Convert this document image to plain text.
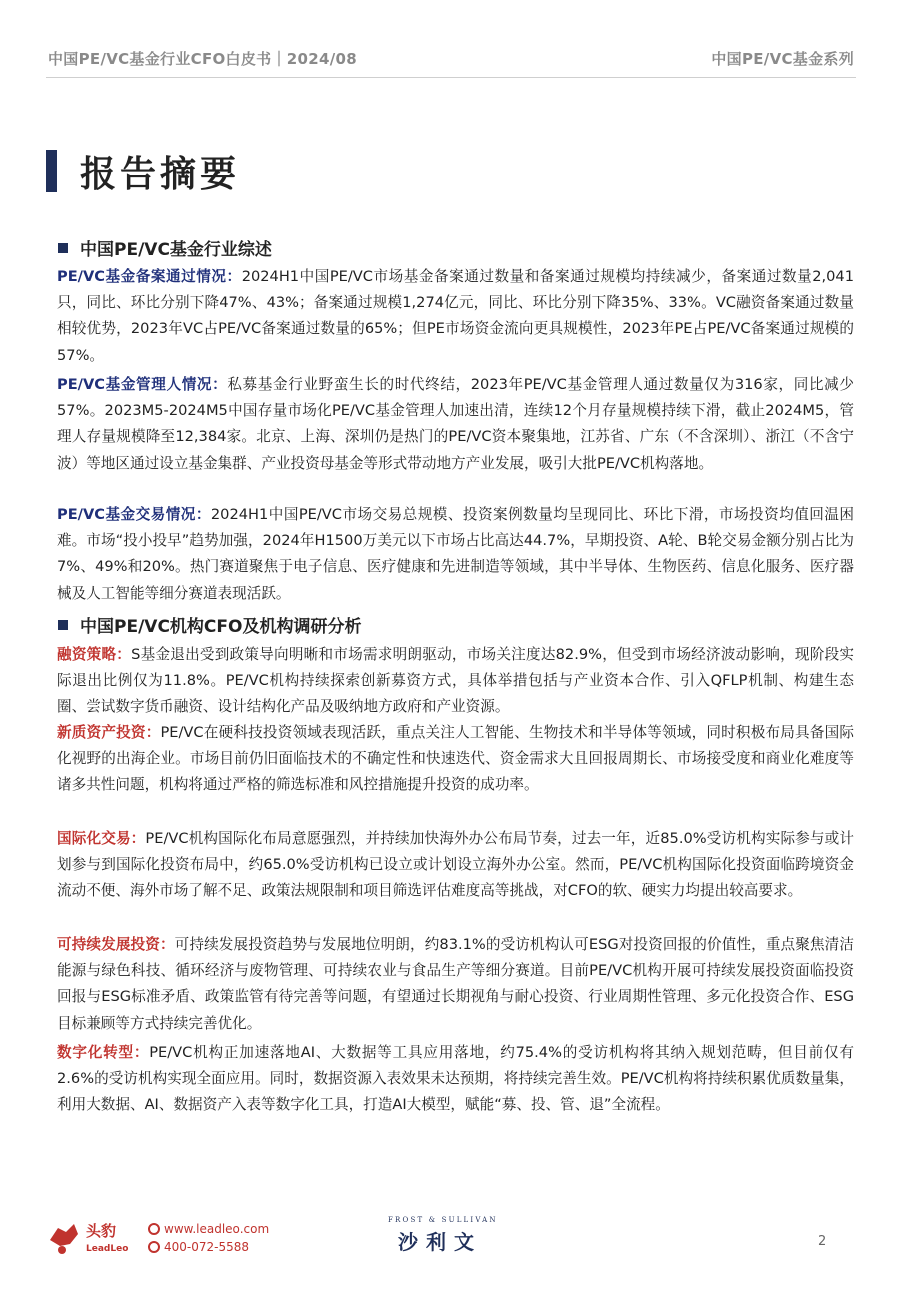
中国PE/VC基金行业CFO白皮书｜2024/08	中国PE/VC基金系列
报告摘要
中国PE/VC基金行业综述

PE/VC基金备案通过情况：2024H1中国PE/VC市场基金备案通过数量和备案通过规模均持续减少，备案通过数量2,041只，同比、环比分别下降47%、43%；备案通过规模1,274亿元，同比、环比分别下降35%、33%。VC融资备案通过数量相较优势，2023年VC占PE/VC备案通过数量的65%；但PE市场资金流向更具规模性，2023年PE占PE/VC备案通过规模的57%。

PE/VC基金管理人情况：私募基金行业野蛮生长的时代终结，2023年PE/VC基金管理人通过数量仅为316家，同比减少57%。2023M5-2024M5中国存量市场化PE/VC基金管理人加速出清，连续12个月存量规模持续下滑，截止2024M5，管理人存量规模降至12,384家。北京、上海、深圳仍是热门的PE/VC资本聚集地，江苏省、广东（不含深圳）、浙江（不含宁波）等地区通过设立基金集群、产业投资母基金等形式带动地方产业发展，吸引大批PE/VC机构落地。

PE/VC基金交易情况：2024H1中国PE/VC市场交易总规模、投资案例数量均呈现同比、环比下滑，市场投资均值回温困难。市场“投小投早”趋势加强，2024年H1500万美元以下市场占比高达44.7%，早期投资、A轮、B轮交易金额分别占比为7%、49%和20%。热门赛道聚焦于电子信息、医疗健康和先进制造等领域，其中半导体、生物医药、信息化服务、医疗器械及人工智能等细分赛道表现活跃。

中国PE/VC机构CFO及机构调研分析

融资策略：S基金退出受到政策导向明晰和市场需求明朗驱动，市场关注度达82.9%，但受到市场经济波动影响，现阶段实际退出比例仅为11.8%。PE/VC机构持续探索创新募资方式，具体举措包括与产业资本合作、引入QFLP机制、构建生态圈、尝试数字货币融资、设计结构化产品及吸纳地方政府和产业资源。

新质资产投资：PE/VC在硬科技投资领域表现活跃，重点关注人工智能、生物技术和半导体等领域，同时积极布局具备国际化视野的出海企业。市场目前仍旧面临技术的不确定性和快速迭代、资金需求大且回报周期长、市场接受度和商业化难度等诸多共性问题，机构将通过严格的筛选标准和风控措施提升投资的成功率。

国际化交易：PE/VC机构国际化布局意愿强烈，并持续加快海外办公布局节奏，过去一年，近85.0%受访机构实际参与或计划参与到国际化投资布局中，约65.0%受访机构已设立或计划设立海外办公室。然而，PE/VC机构国际化投资面临跨境资金流动不便、海外市场了解不足、政策法规限制和项目筛选评估难度高等挑战，对CFO的软、硬实力均提出较高要求。

可持续发展投资：可持续发展投资趋势与发展地位明朗，约83.1%的受访机构认可ESG对投资回报的价值性，重点聚焦清洁能源与绿色科技、循环经济与废物管理、可持续农业与食品生产等细分赛道。目前PE/VC机构开展可持续发展投资面临投资回报与ESG标准矛盾、政策监管有待完善等问题，有望通过长期视角与耐心投资、行业周期性管理、多元化投资合作、ESG目标兼顾等方式持续完善优化。

数字化转型：PE/VC机构正加速落地AI、大数据等工具应用落地，约75.4%的受访机构将其纳入规划范畴，但目前仅有2.6%的受访机构实现全面应用。同时，数据资源入表效果未达预期，将持续完善生效。PE/VC机构将持续积累优质数量集，利用大数据、AI、数据资产入表等数字化工具，打造AI大模型，赋能“募、投、管、退”全流程。

头豹
LeadLeo
www.leadleo.com
400-072-5588
FROST & SULLIVAN
沙利文	2
